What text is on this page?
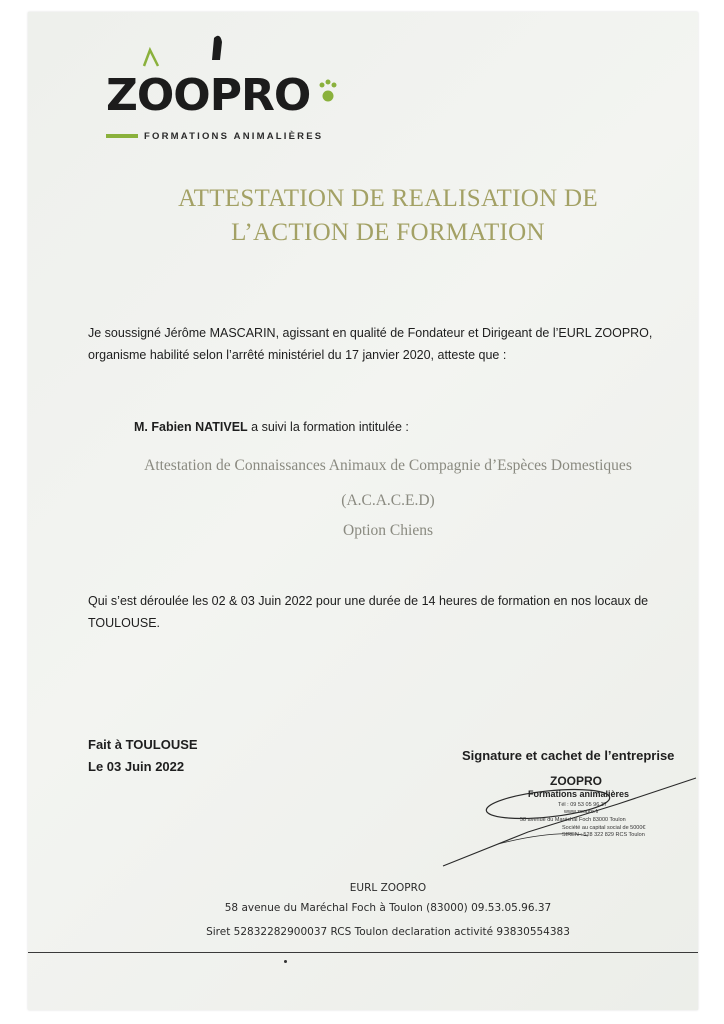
ZOOPRO
FORMATIONS ANIMALIÈRES
ATTESTATION DE REALISATION DE
L’ACTION DE FORMATION
Je soussigné Jérôme MASCARIN, agissant en qualité de Fondateur et Dirigeant de l’EURL ZOOPRO,
organisme habilité selon l’arrêté ministériel du 17 janvier 2020, atteste que :
M. Fabien NATIVEL a suivi la formation intitulée :
Attestation de Connaissances Animaux de Compagnie d’Espèces Domestiques
(A.C.A.C.E.D)
Option Chiens
Qui s’est déroulée les 02 & 03 Juin 2022 pour une durée de 14 heures de formation en nos locaux de
TOULOUSE.
Fait à TOULOUSE
Le 03 Juin 2022
Signature et cachet de l’entreprise
ZOOPRO
Formations animalières
Tél : 09 53 05 96 37
www.zoopro.fr
58 avenue du Maréchal Foch 83000 Toulon
Société au capital social de 5000€
SIREN : 528 322 829 RCS Toulon
EURL ZOOPRO
58 avenue du Maréchal Foch à Toulon (83000) 09.53.05.96.37
Siret 52832282900037 RCS Toulon declaration activité 93830554383
